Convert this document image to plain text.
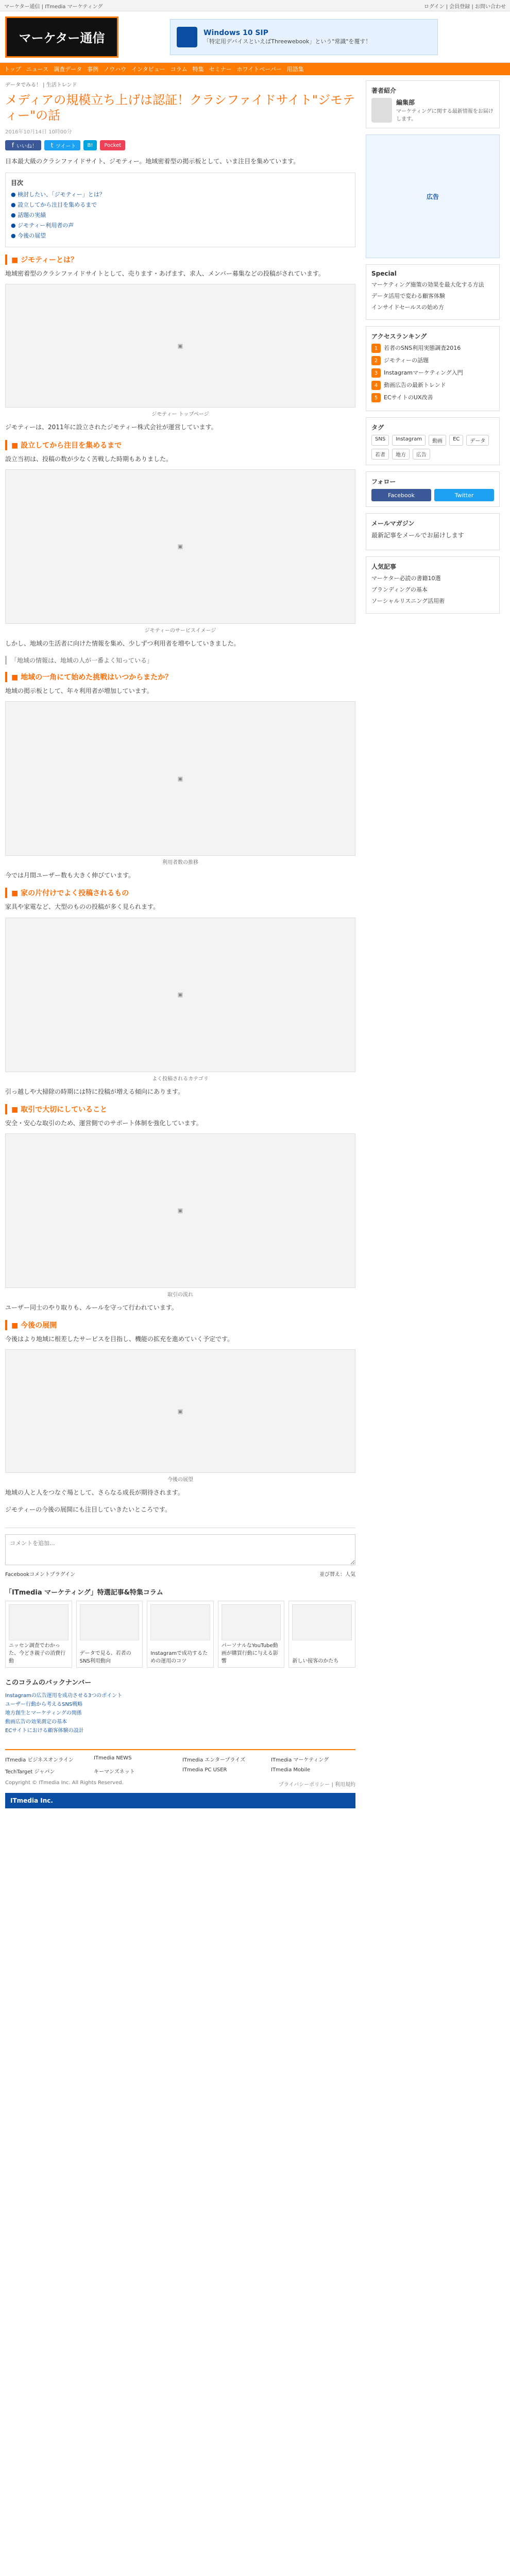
マーケター通信 | ITmedia マーケティング	ログイン | 会員登録 | お問い合わせ
マーケター通信	Windows 10 SIP
「特定用デバイスといえばThreewebook」という"常識"を覆す！
トップ ニュース 調査データ 事例 ノウハウ インタビュー コラム 特集 セミナー ホワイトペーパー 用語集
データでみる！ | 生活トレンド
メディアの規模立ち上げは認証！クラシファイドサイト"ジモティー"の話
2016年10月14日 10時00分
f いいね！	t ツイート B! Pocket
日本最大級のクラシファイドサイト、ジモティー。地域密着型の掲示板として、いま注目を集めています。
目次
● 検討したい、「ジモティー」とは？
● 設立してから注目を集めるまで
● 話題の実績
● ジモティー利用者の声
● 今後の展望
■ ジモティーとは？
地域密着型のクラシファイドサイトとして、売ります・あげます、求人、メンバー募集などの投稿がされています。
▣
ジモティー トップページ
ジモティーは、2011年に設立されたジモティー株式会社が運営しています。
■ 設立してから注目を集めるまで
設立当初は、投稿の数が少なく苦戦した時期もありました。
▣
ジモティーのサービスイメージ
しかし、地域の生活者に向けた情報を集め、少しずつ利用者を増やしていきました。
「地域の情報は、地域の人が一番よく知っている」
■ 地域の一角にて始めた挑戦はいつからまたか？
地域の掲示板として、年々利用者が増加しています。
▣
利用者数の推移
今では月間ユーザー数も大きく伸びています。
■ 家の片付けでよく投稿されるもの
家具や家電など、大型のものの投稿が多く見られます。
▣
よく投稿されるカテゴリ
引っ越しや大掃除の時期には特に投稿が増える傾向にあります。
■ 取引で大切にしていること
安全・安心な取引のため、運営側でのサポート体制を強化しています。
▣
取引の流れ
ユーザー同士のやり取りも、ルールを守って行われています。
■ 今後の展開
今後はより地域に根差したサービスを目指し、機能の拡充を進めていく予定です。
▣
今後の展望
地域の人と人をつなぐ場として、さらなる成長が期待されます。
ジモティーの今後の展開にも注目していきたいところです。
コメントを追加...
Facebookコメントプラグイン	並び替え：人気
「ITmedia マーケティング」特選記事&特集コラム
ニッセン調査でわかった、今どき親子の消費行動
データで見る、若者のSNS利用動向
Instagramで成功するための運用のコツ
パーソナルなYouTube動画が購買行動に与える影響	新しい接客のかたち
このコラムのバックナンバー
Instagramの広告運用を成功させる3つのポイント
ユーザー行動から考えるSNS戦略
地方創生とマーケティングの関係
動画広告の効果測定の基本
ECサイトにおける顧客体験の設計
ITmedia ビジネスオンライン	ITmedia NEWS	ITmedia エンタープライズ	ITmedia マーケティング
TechTarget ジャパン	キーマンズネット	ITmedia PC USER	ITmedia Mobile
Copyright © ITmedia Inc. All Rights Reserved.	プライバシーポリシー | 利用規約
ITmedia Inc.
著者紹介
編集部
マーケティングに関する最新情報をお届けします。
広告
Special
マーケティング施策の効果を最大化する方法
データ活用で変わる顧客体験
インサイドセールスの始め方
アクセスランキング
1	若者のSNS利用実態調査2016
2	ジモティーの話題
3	Instagramマーケティング入門
4	動画広告の最新トレンド
5	ECサイトのUX改善
タグ
SNS	Instagram	動画	EC	データ
若者	地方	広告
フォロー
Facebook	Twitter
メールマガジン
最新記事をメールでお届けします
人気記事
マーケター必読の書籍10選
ブランディングの基本
ソーシャルリスニング活用術
